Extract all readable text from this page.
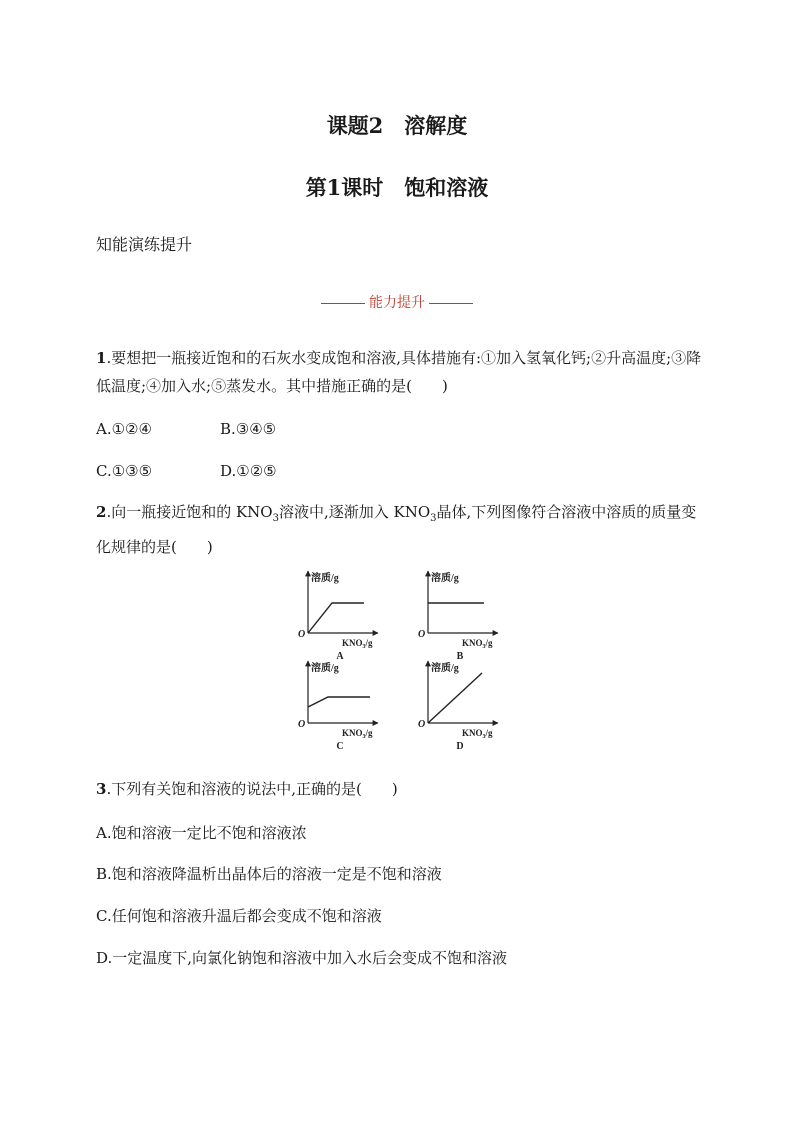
课题2　溶解度
第1课时　饱和溶液
知能演练提升
能力提升
1.要想把一瓶接近饱和的石灰水变成饱和溶液,具体措施有:①加入氢氧化钙;②升高温度;③降低温度;④加入水;⑤蒸发水。其中措施正确的是(　　)
A.①②④	B.③④⑤
C.①③⑤	D.①②⑤
2.向一瓶接近饱和的 $KNO_3$溶液中,逐渐加入 $KNO_3$晶体,下列图像符合溶液中溶质的质量变化规律的是(　　)
溶质/g
O
$KNO_3/g$
A
溶质/g
O
$KNO_3/g$
B
溶质/g
O
$KNO_3/g$
C
溶质/g
O
$KNO_3/g$
D
3.下列有关饱和溶液的说法中,正确的是(　　)
A.饱和溶液一定比不饱和溶液浓
B.饱和溶液降温析出晶体后的溶液一定是不饱和溶液
C.任何饱和溶液升温后都会变成不饱和溶液
D.一定温度下,向氯化钠饱和溶液中加入水后会变成不饱和溶液
